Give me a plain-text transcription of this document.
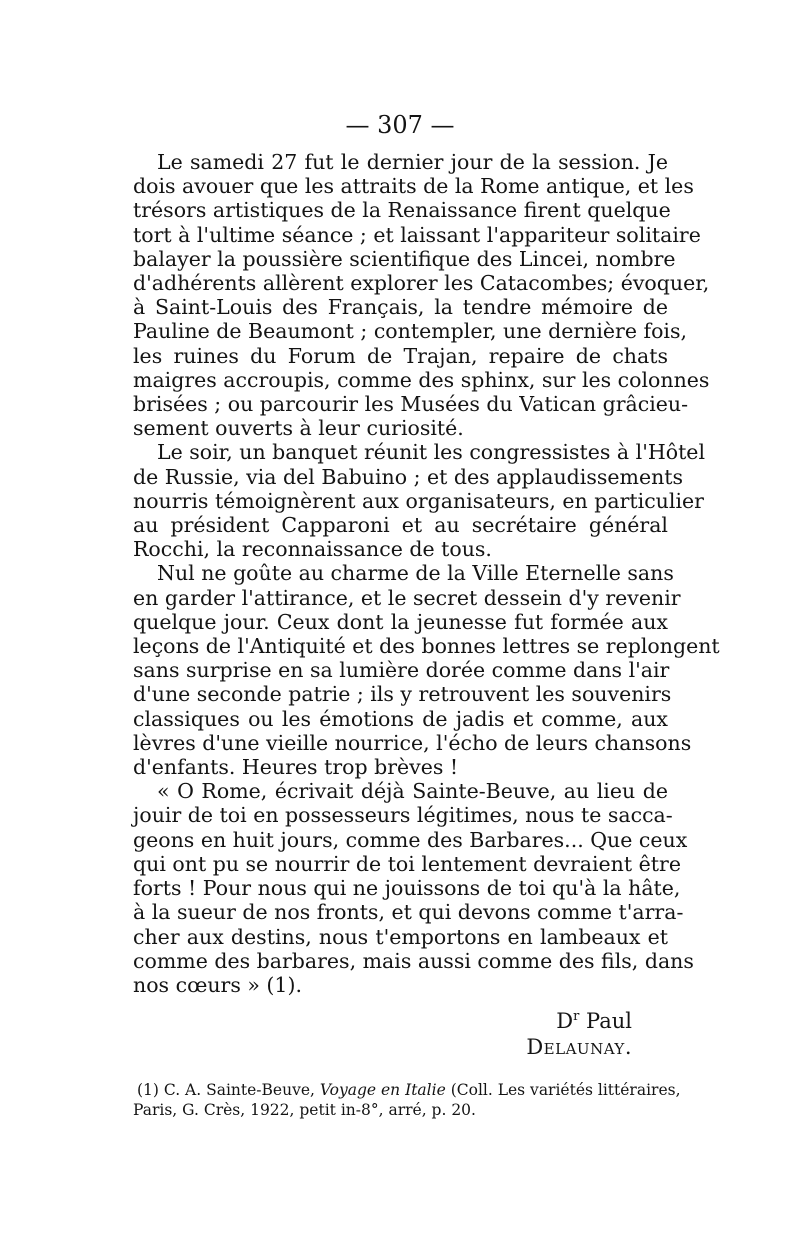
— 307 —
Le samedi 27 fut le dernier jour de la session. Je
dois avouer que les attraits de la Rome antique, et les
trésors artistiques de la Renaissance firent quelque
tort à l'ultime séance ; et laissant l'appariteur solitaire
balayer la poussière scientifique des Lincei, nombre
d'adhérents allèrent explorer les Catacombes; évoquer,
à Saint-Louis des Français, la tendre mémoire de
Pauline de Beaumont ; contempler, une dernière fois,
les ruines du Forum de Trajan, repaire de chats
maigres accroupis, comme des sphinx, sur les colonnes
brisées ; ou parcourir les Musées du Vatican grâcieu-
sement ouverts à leur curiosité.
Le soir, un banquet réunit les congressistes à l'Hôtel
de Russie, via del Babuino ; et des applaudissements
nourris témoignèrent aux organisateurs, en particulier
au président Capparoni et au secrétaire général
Rocchi, la reconnaissance de tous.
Nul ne goûte au charme de la Ville Eternelle sans
en garder l'attirance, et le secret dessein d'y revenir
quelque jour. Ceux dont la jeunesse fut formée aux
leçons de l'Antiquité et des bonnes lettres se replongent
sans surprise en sa lumière dorée comme dans l'air
d'une seconde patrie ; ils y retrouvent les souvenirs
classiques ou les émotions de jadis et comme, aux
lèvres d'une vieille nourrice, l'écho de leurs chansons
d'enfants. Heures trop brèves !
« O Rome, écrivait déjà Sainte-Beuve, au lieu de
jouir de toi en possesseurs légitimes, nous te sacca-
geons en huit jours, comme des Barbares... Que ceux
qui ont pu se nourrir de toi lentement devraient être
forts ! Pour nous qui ne jouissons de toi qu'à la hâte,
à la sueur de nos fronts, et qui devons comme t'arra-
cher aux destins, nous t'emportons en lambeaux et
comme des barbares, mais aussi comme des fils, dans
nos cœurs » (1).
$D^r$ Paul Delaunay.
(1) C. A. Sainte-Beuve, Voyage en Italie (Coll. Les variétés littéraires,
Paris, G. Crès, 1922, petit in-8°, arré, p. 20.
